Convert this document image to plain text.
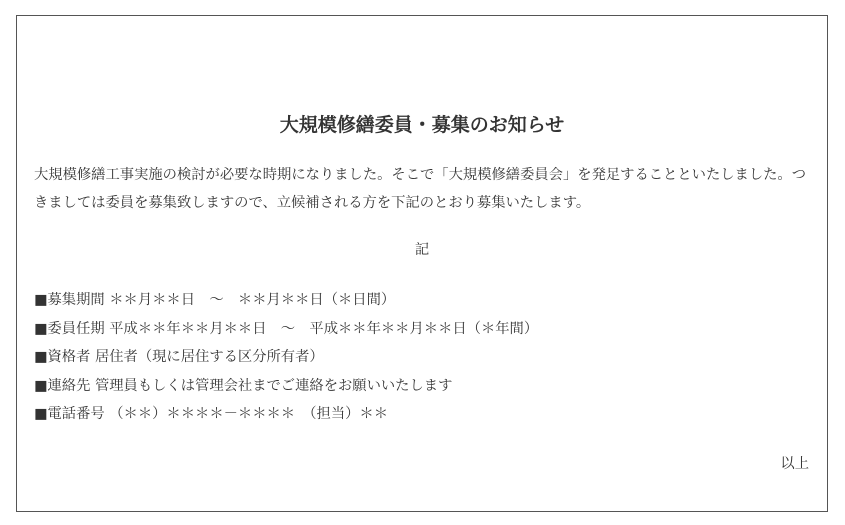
大規模修繕委員・募集のお知らせ

大規模修繕工事実施の検討が必要な時期になりました。そこで「大規模修繕委員会」を発足することといたしました。つきましては委員を募集致しますので、立候補される方を下記のとおり募集いたします。

記

■募集期間 ＊＊月＊＊日　～　＊＊月＊＊日（＊日間）
■委員任期 平成＊＊年＊＊月＊＊日　～　平成＊＊年＊＊月＊＊日（＊年間）
■資格者 居住者（現に居住する区分所有者）
■連絡先 管理員もしくは管理会社までご連絡をお願いいたします
■電話番号 （＊＊）＊＊＊＊－＊＊＊＊　（担当）＊＊

以上
